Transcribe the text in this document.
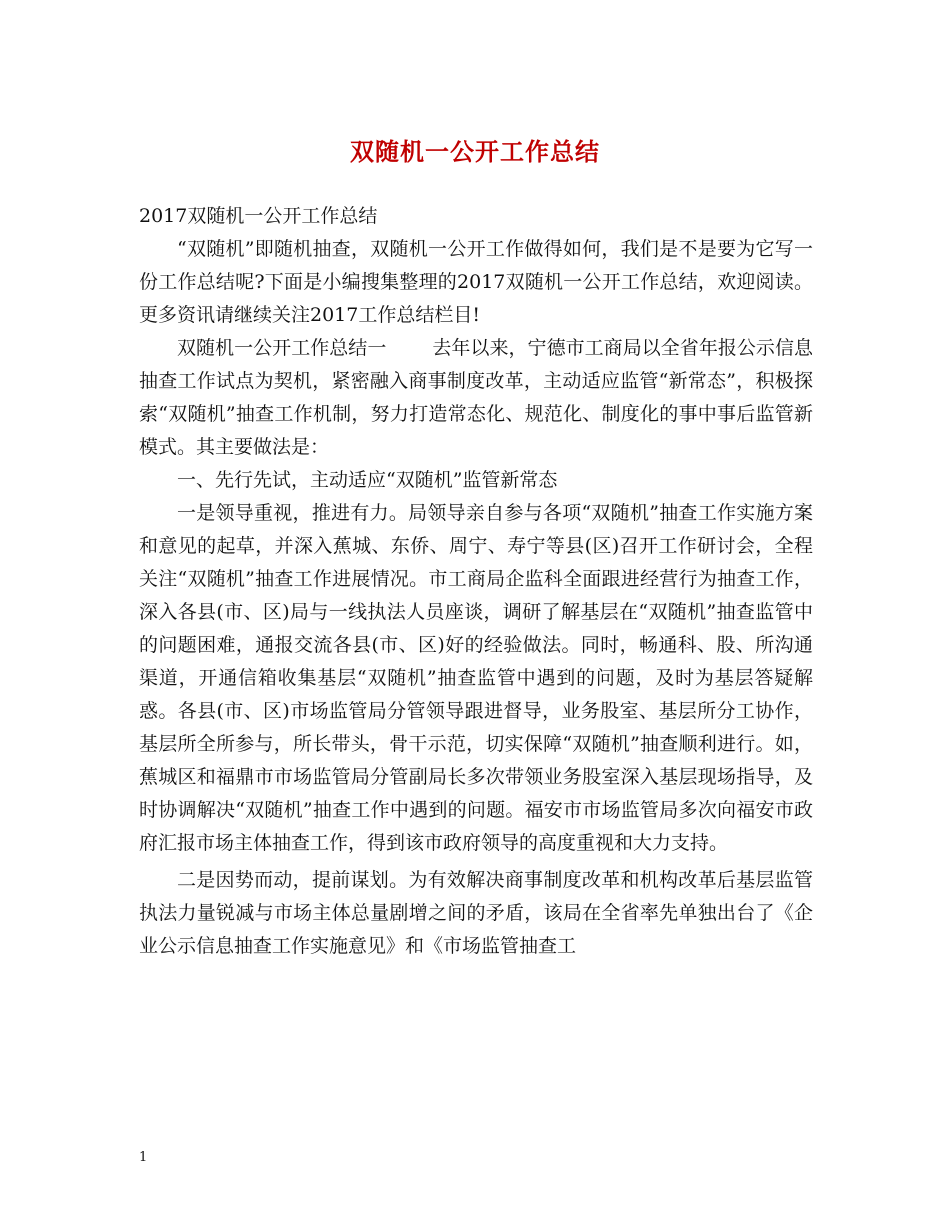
双随机一公开工作总结

2017双随机一公开工作总结

“双随机”即随机抽查，双随机一公开工作做得如何，我们是不是要为它写一份工作总结呢?下面是小编搜集整理的2017双随机一公开工作总结，欢迎阅读。更多资讯请继续关注2017工作总结栏目!

双随机一公开工作总结一 去年以来，宁德市工商局以全省年报公示信息抽查工作试点为契机，紧密融入商事制度改革，主动适应监管“新常态”，积极探索“双随机”抽查工作机制，努力打造常态化、规范化、制度化的事中事后监管新模式。其主要做法是：

一、先行先试，主动适应“双随机”监管新常态

一是领导重视，推进有力。局领导亲自参与各项“双随机”抽查工作实施方案和意见的起草，并深入蕉城、东侨、周宁、寿宁等县(区)召开工作研讨会，全程关注“双随机”抽查工作进展情况。市工商局企监科全面跟进经营行为抽查工作，深入各县(市、区)局与一线执法人员座谈，调研了解基层在“双随机”抽查监管中的问题困难，通报交流各县(市、区)好的经验做法。同时，畅通科、股、所沟通渠道，开通信箱收集基层“双随机”抽查监管中遇到的问题，及时为基层答疑解惑。各县(市、区)市场监管局分管领导跟进督导，业务股室、基层所分工协作，基层所全所参与，所长带头，骨干示范，切实保障“双随机”抽查顺利进行。如，蕉城区和福鼎市市场监管局分管副局长多次带领业务股室深入基层现场指导，及时协调解决“双随机”抽查工作中遇到的问题。福安市市场监管局多次向福安市政府汇报市场主体抽查工作，得到该市政府领导的高度重视和大力支持。

二是因势而动，提前谋划。为有效解决商事制度改革和机构改革后基层监管执法力量锐减与市场主体总量剧增之间的矛盾，该局在全省率先单独出台了《企业公示信息抽查工作实施意见》和《市场监管抽查工

1
